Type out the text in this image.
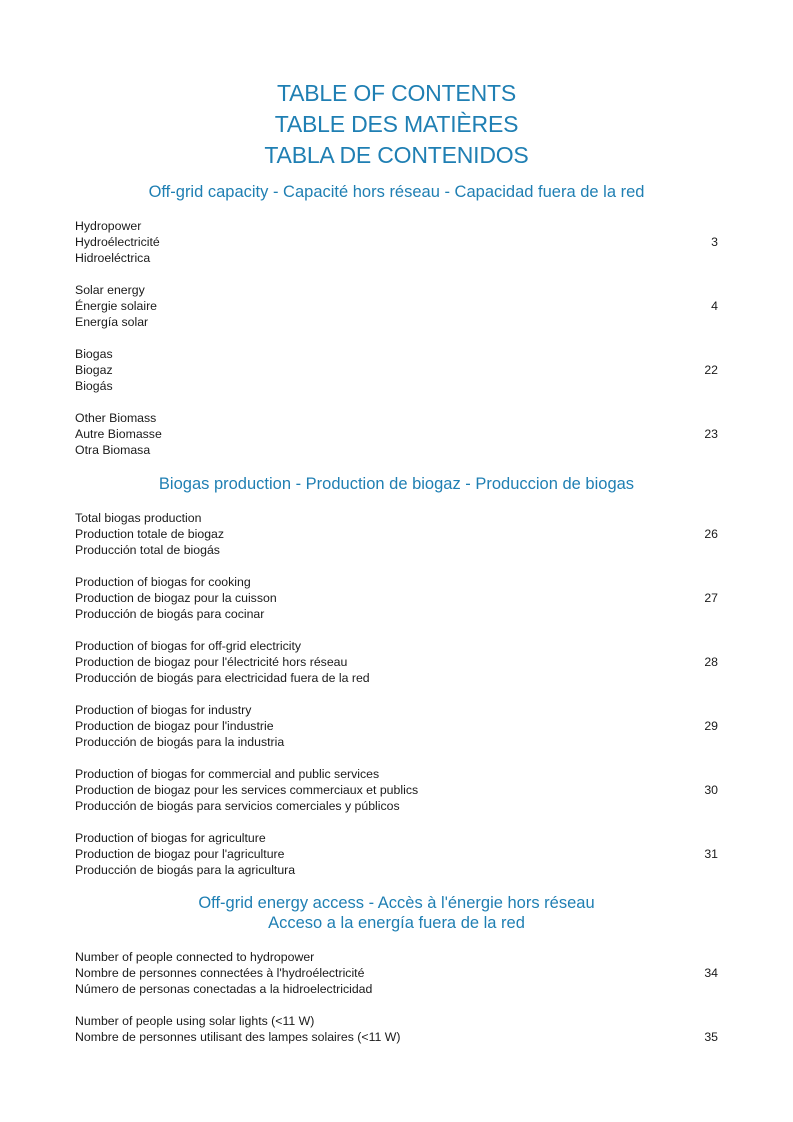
TABLE OF CONTENTS
TABLE DES MATIÈRES
TABLA DE CONTENIDOS
Off-grid capacity - Capacité hors réseau - Capacidad fuera de la red
Hydropower
Hydroélectricité
Hidroeléctrica
3
Solar energy
Énergie solaire
Energía solar
4
Biogas
Biogaz
Biogás
22
Other Biomass
Autre Biomasse
Otra Biomasa
23
Biogas production - Production de biogaz - Produccion de biogas
Total biogas production
Production totale de biogaz
Producción total de biogás
26
Production of biogas for cooking
Production de biogaz pour la cuisson
Producción de biogás para cocinar
27
Production of biogas for off-grid electricity
Production de biogaz pour l'électricité hors réseau
Producción de biogás para electricidad fuera de la red
28
Production of biogas for industry
Production de biogaz pour l'industrie
Producción de biogás para la industria
29
Production of biogas for commercial and public services
Production de biogaz pour les services commerciaux et publics
Producción de biogás para servicios comerciales y públicos
30
Production of biogas for agriculture
Production de biogaz pour l'agriculture
Producción de biogás para la agricultura
31
Off-grid energy access - Accès à l'énergie hors réseau
Acceso a la energía fuera de la red
Number of people connected to hydropower
Nombre de personnes connectées à l'hydroélectricité
Número de personas conectadas a la hidroelectricidad
34
Number of people using solar lights (<11 W)
Nombre de personnes utilisant des lampes solaires (<11 W)	35
